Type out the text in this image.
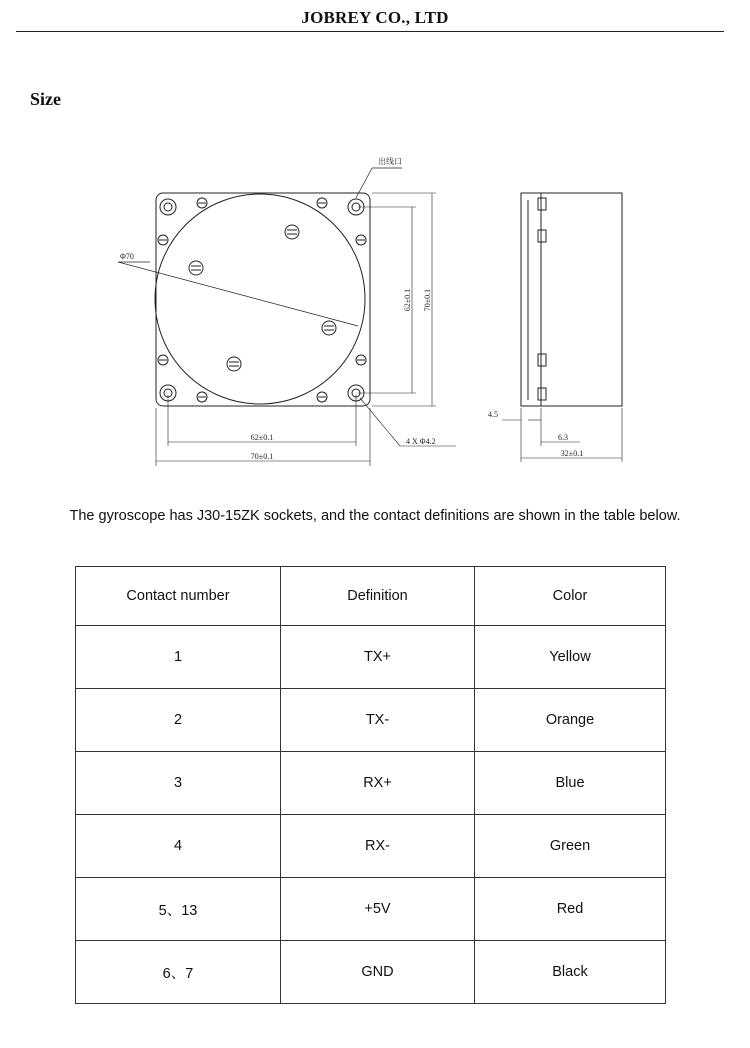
JOBREY CO., LTD
Size
出线口
Φ70
62±0.1 70±0.1
62±0.1
70±0.1
4 X Φ4.2
4.5
6.3
32±0.1
The gyroscope has J30-15ZK sockets, and the contact definitions are shown in the table below.
Contact number	Definition	Color
1	TX+	Yellow
2	TX-	Orange
3	RX+	Blue
4	RX-	Green
5、13	+5V	Red
6、7	GND	Black
